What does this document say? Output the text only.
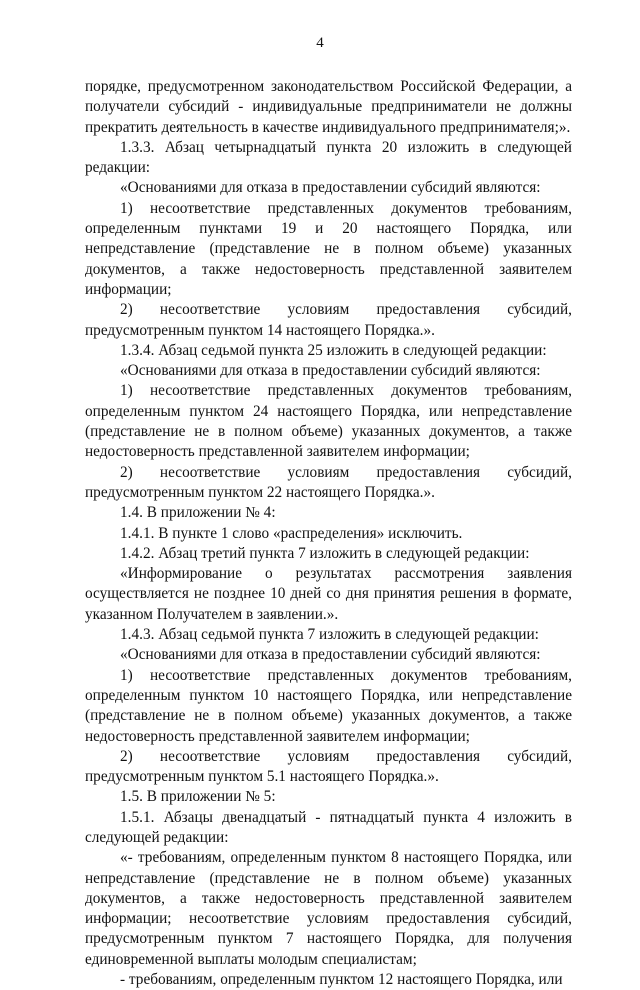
4

порядке, предусмотренном законодательством Российской Федерации, а получатели субсидий - индивидуальные предприниматели не должны прекратить деятельность в качестве индивидуального предпринимателя;».

1.3.3. Абзац четырнадцатый пункта 20 изложить в следующей редакции:

«Основаниями для отказа в предоставлении субсидий являются:

1) несоответствие представленных документов требованиям, определенным пунктами 19 и 20 настоящего Порядка, или непредставление (представление не в полном объеме) указанных документов, а также недостоверность представленной заявителем информации;

2) несоответствие условиям предоставления субсидий, предусмотренным пунктом 14 настоящего Порядка.».

1.3.4. Абзац седьмой пункта 25 изложить в следующей редакции:

«Основаниями для отказа в предоставлении субсидий являются:

1) несоответствие представленных документов требованиям, определенным пунктом 24 настоящего Порядка, или непредставление (представление не в полном объеме) указанных документов, а также недостоверность представленной заявителем информации;

2) несоответствие условиям предоставления субсидий, предусмотренным пунктом 22 настоящего Порядка.».

1.4. В приложении № 4:

1.4.1. В пункте 1 слово «распределения» исключить.

1.4.2. Абзац третий пункта 7 изложить в следующей редакции:

«Информирование о результатах рассмотрения заявления осуществляется не позднее 10 дней со дня принятия решения в формате, указанном Получателем в заявлении.».

1.4.3. Абзац седьмой пункта 7 изложить в следующей редакции:

«Основаниями для отказа в предоставлении субсидий являются:

1) несоответствие представленных документов требованиям, определенным пунктом 10 настоящего Порядка, или непредставление (представление не в полном объеме) указанных документов, а также недостоверность представленной заявителем информации;

2) несоответствие условиям предоставления субсидий, предусмотренным пунктом 5.1 настоящего Порядка.».

1.5. В приложении № 5:

1.5.1. Абзацы двенадцатый - пятнадцатый пункта 4 изложить в следующей редакции:

«- требованиям, определенным пунктом 8 настоящего Порядка, или непредставление (представление не в полном объеме) указанных документов, а также недостоверность представленной заявителем информации; несоответствие условиям предоставления субсидий, предусмотренным пунктом 7 настоящего Порядка, для получения единовременной выплаты молодым специалистам;

- требованиям, определенным пунктом 12 настоящего Порядка, или
